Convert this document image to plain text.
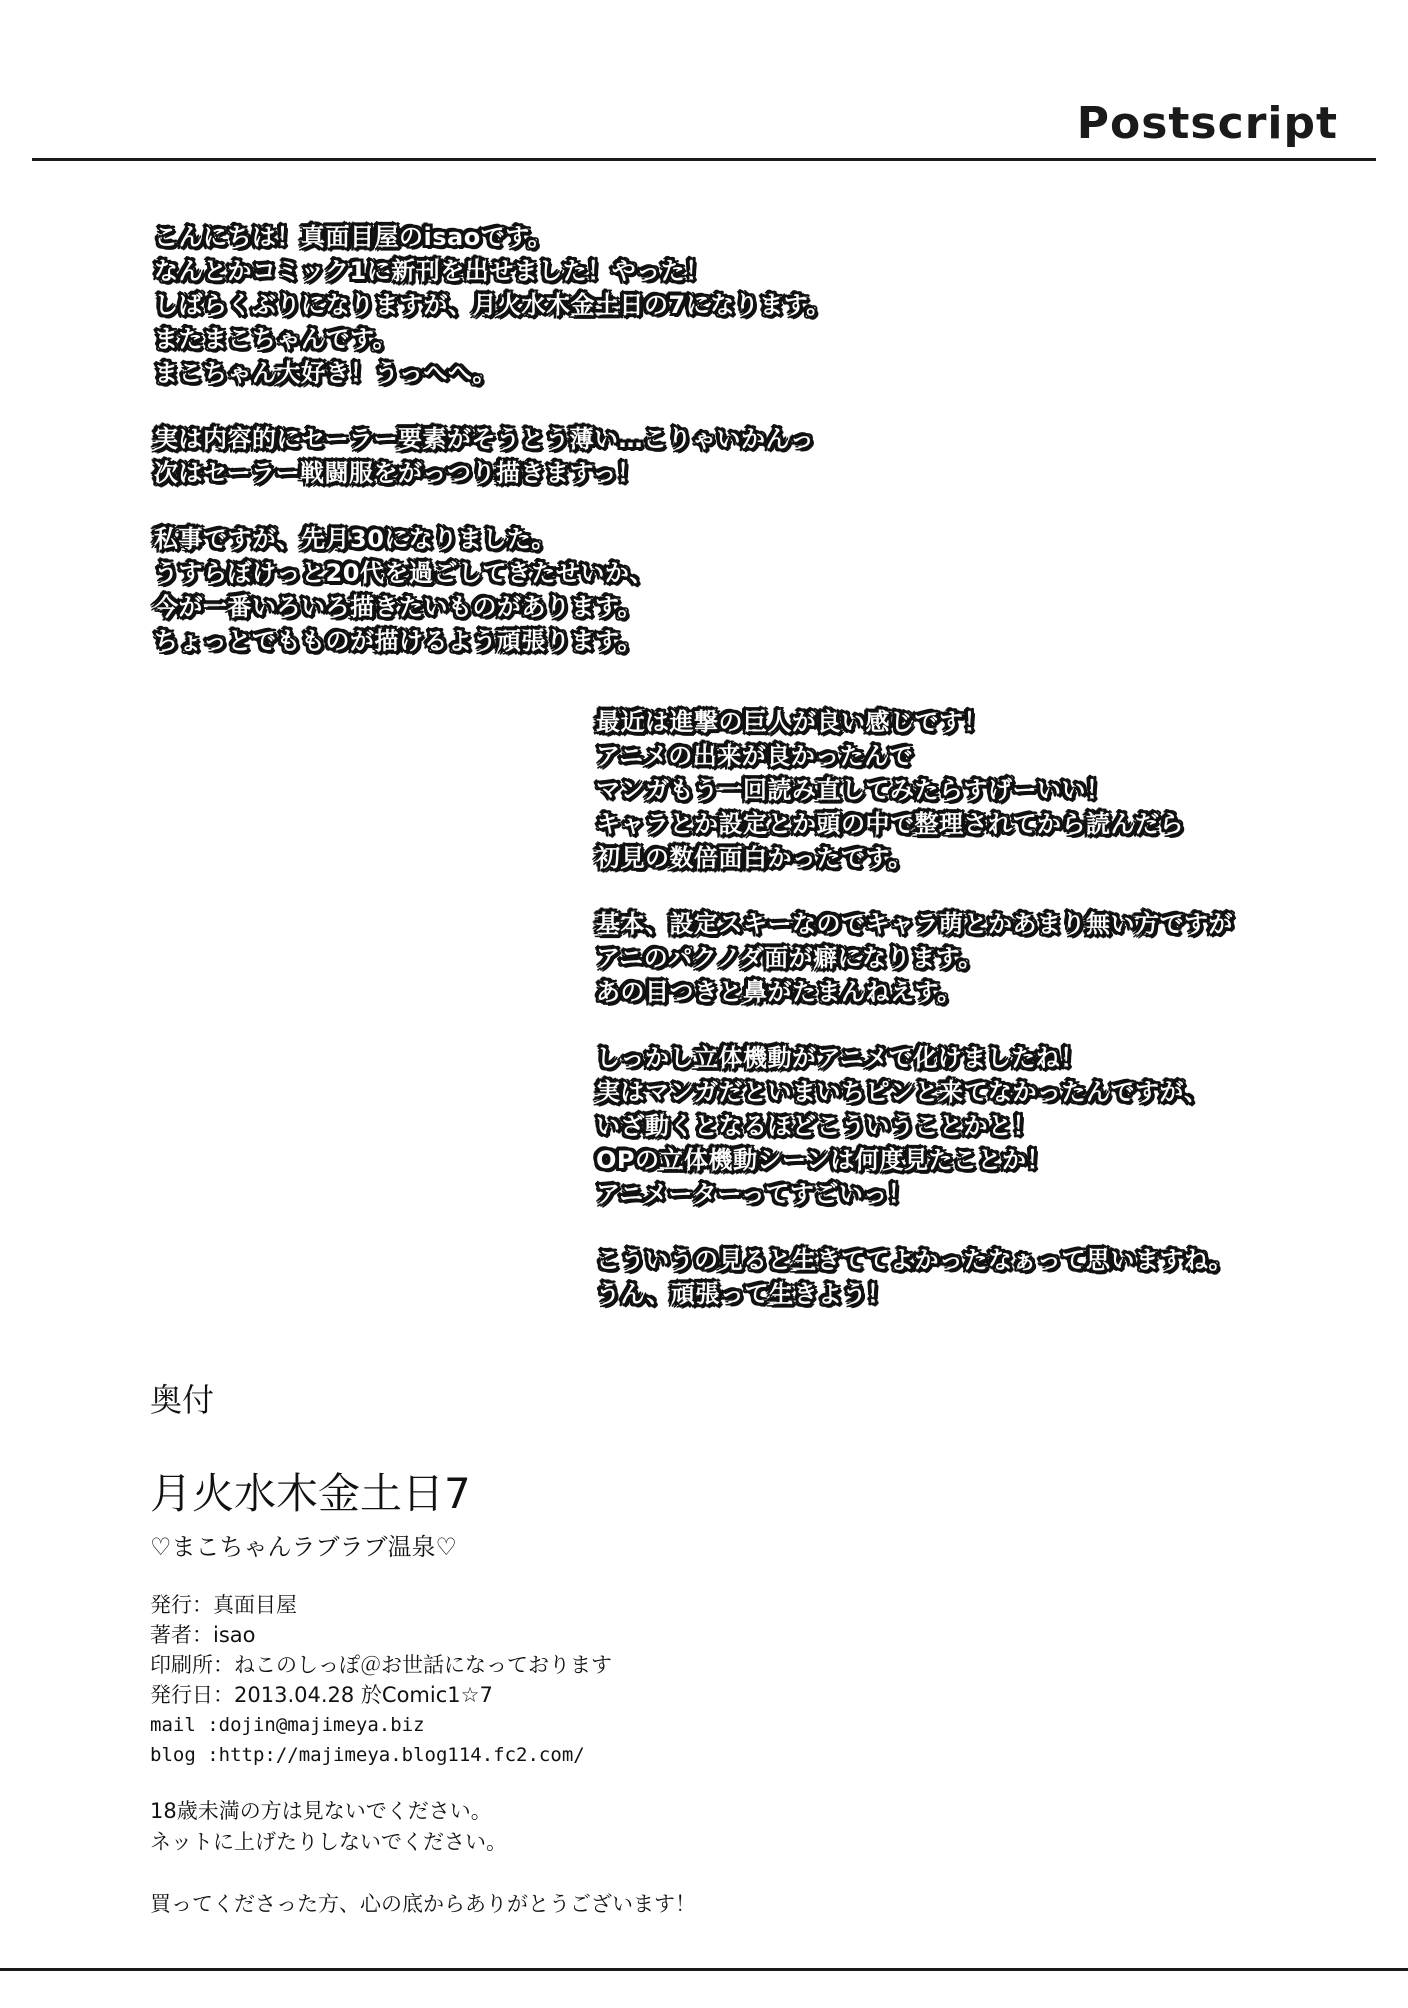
Postscript
こんにちは！真面目屋のisaoです。
なんとかコミック1に新刊を出せました！やった！
しばらくぶりになりますが、月火水木金土日の7になります。
またまこちゃんです。
まこちゃん大好き！うっへへ。
実は内容的にセーラー要素がそうとう薄い…こりゃいかんっ
次はセーラー戦闘服をがっつり描きますっ！
私事ですが、先月30になりました。
うすらぼけっと20代を過ごしてきたせいか、
今が一番いろいろ描きたいものがあります。
ちょっとでもものが描けるよう頑張ります。
最近は進撃の巨人が良い感じです！
アニメの出来が良かったんで
マンガもう一回読み直してみたらすげーいい！
キャラとか設定とか頭の中で整理されてから読んだら
初見の数倍面白かったです。
基本、設定スキーなのでキャラ萌とかあまり無い方ですが
アニのパクノダ面が癖になります。
あの目つきと鼻がたまんねえす。
しっかし立体機動がアニメで化けましたね！
実はマンガだといまいちピンと来てなかったんですが、
いざ動くとなるほどこういうことかと！
OPの立体機動シーンは何度見たことか！
アニメーターってすごいっ！
こういうの見ると生きててよかったなぁって思いますね。
うん、頑張って生きよう！
奥付
月火水木金土日7
♡まこちゃんラブラブ温泉♡
発行：真面目屋
著者：isao
印刷所：ねこのしっぽ＠お世話になっております
発行日：2013.04.28 於Comic1☆7
mail :dojin@majimeya.biz
blog :http://majimeya.blog114.fc2.com/
18歳未満の方は見ないでください。
ネットに上げたりしないでください。
買ってくださった方、心の底からありがとうございます！
